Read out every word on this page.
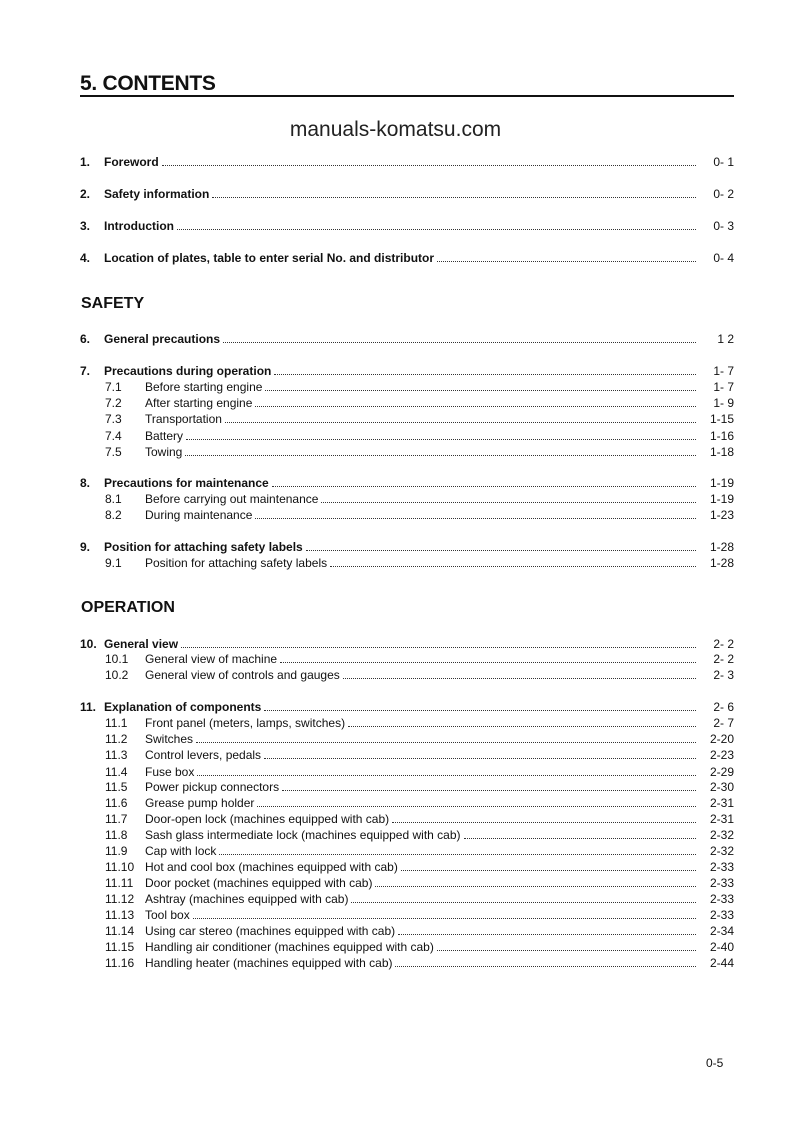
5. CONTENTS
manuals-komatsu.com
1.	Foreword	0- 1
2.	Safety information	0- 2
3.	Introduction	0- 3
4.	Location of plates, table to enter serial No. and distributor	0- 4
SAFETY
6.	General precautions	1 2
7.	Precautions during operation	1- 7
7.1	Before starting engine	1- 7
7.2	After starting engine	1- 9
7.3	Transportation	1-15
7.4	Battery	1-16
7.5	Towing	1-18
8.	Precautions for maintenance	1-19
8.1	Before carrying out maintenance	1-19
8.2	During maintenance	1-23
9.	Position for attaching safety labels	1-28
9.1	Position for attaching safety labels	1-28
OPERATION
10. General view	2- 2
10.1	General view of machine	2- 2
10.2	General view of controls and gauges	2- 3
11. Explanation of components	2- 6
11.1	Front panel (meters, lamps, switches)	2- 7
11.2	Switches	2-20
11.3	Control levers, pedals	2-23
11.4	Fuse box	2-29
11.5	Power pickup connectors	2-30
11.6	Grease pump holder	2-31
11.7	Door-open lock (machines equipped with cab)	2-31
11.8	Sash glass intermediate lock (machines equipped with cab)	2-32
11.9	Cap with lock	2-32
11.10 Hot and cool box (machines equipped with cab)	2-33
11.11 Door pocket (machines equipped with cab)	2-33
11.12 Ashtray (machines equipped with cab)	2-33
11.13 Tool box	2-33
11.14 Using car stereo (machines equipped with cab)	2-34
11.15 Handling air conditioner (machines equipped with cab)	2-40
11.16 Handling heater (machines equipped with cab)	2-44
0-5
